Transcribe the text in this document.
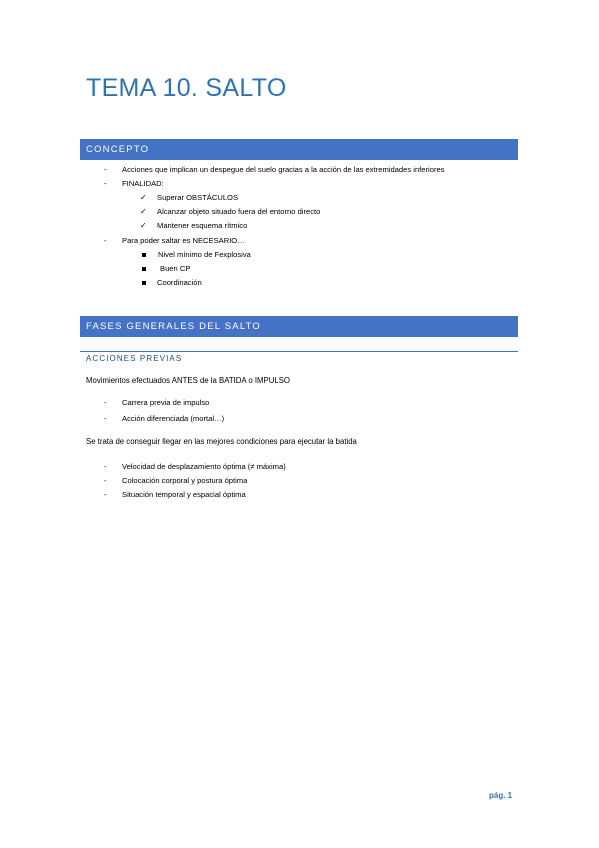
TEMA 10. SALTO
CONCEPTO
- Acciones que implican un despegue del suelo gracias a la acción de las extremidades inferiores
- FINALIDAD:
✓ Superar OBSTÁCULOS
✓ Alcanzar objeto situado fuera del entorno directo
✓ Mantener esquema rítmico
- Para poder saltar es NECESARIO…
Nivel mínimo de Fexplosiva
Buen CP
Coordinación
FASES GENERALES DEL SALTO
ACCIONES PREVIAS
Movimientos efectuados ANTES de la BATIDA o IMPULSO
- Carrera previa de impulso
- Acción diferenciada (mortal…)
Se trata de conseguir llegar en las mejores condiciones para ejecutar la batida
- Velocidad de desplazamiento óptima (≠ máxima)
- Colocación corporal y postura óptima
- Situación temporal y espacial óptima
pág. 1
